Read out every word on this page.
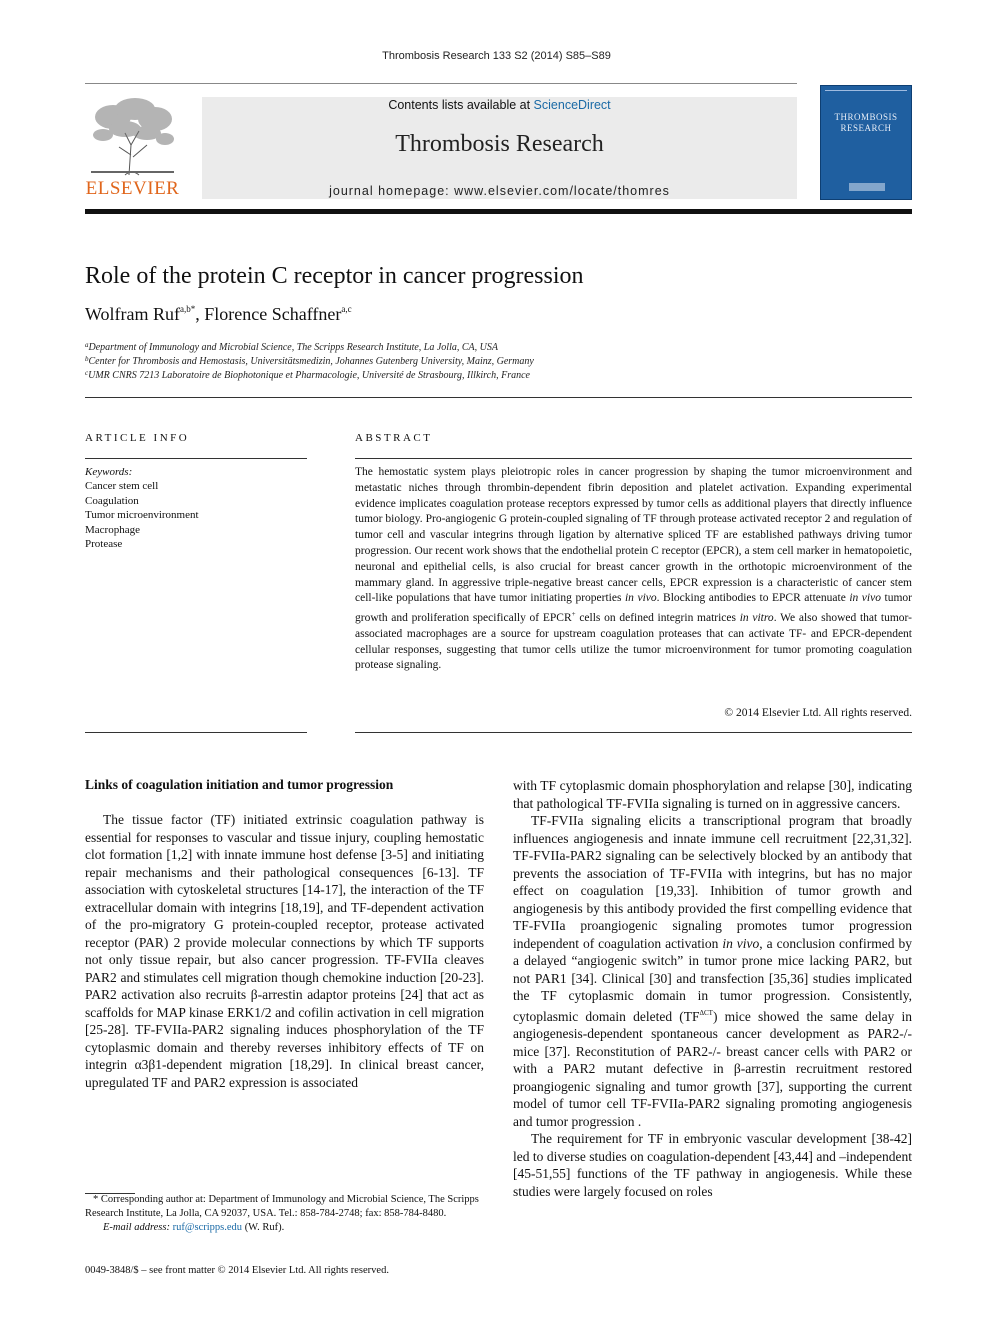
Thrombosis Research 133 S2 (2014) S85–S89
ELSEVIER
Contents lists available at ScienceDirect
Thrombosis Research
journal homepage: www.elsevier.com/locate/thomres
THROMBOSIS
RESEARCH
Role of the protein C receptor in cancer progression
Wolfram Ruf$^{a,b*}$, Florence Schaffner$^{a,c}$
$^a$Department of Immunology and Microbial Science, The Scripps Research Institute, La Jolla, CA, USA
$^b$Center for Thrombosis and Hemostasis, Universitätsmedizin, Johannes Gutenberg University, Mainz, Germany
$^c$UMR CNRS 7213 Laboratoire de Biophotonique et Pharmacologie, Université de Strasbourg, Illkirch, France
ARTICLE INFO
Keywords:
Cancer stem cell
Coagulation
Tumor microenvironment
Macrophage
Protease
ABSTRACT
The hemostatic system plays pleiotropic roles in cancer progression by shaping the tumor microenvironment and metastatic niches through thrombin-dependent fibrin deposition and platelet activation. Expanding experimental evidence implicates coagulation protease receptors expressed by tumor cells as additional players that directly influence tumor biology. Pro-angiogenic G protein-coupled signaling of TF through protease activated receptor 2 and regulation of tumor cell and vascular integrins through ligation by alternative spliced TF are established pathways driving tumor progression. Our recent work shows that the endothelial protein C receptor (EPCR), a stem cell marker in hematopoietic, neuronal and epithelial cells, is also crucial for breast cancer growth in the orthotopic microenvironment of the mammary gland. In aggressive triple-negative breast cancer cells, EPCR expression is a characteristic of cancer stem cell-like populations that have tumor initiating properties in vivo. Blocking antibodies to EPCR attenuate in vivo tumor growth and proliferation specifically of EPCR+ cells on defined integrin matrices in vitro. We also showed that tumor-associated macrophages are a source for upstream coagulation proteases that can activate TF- and EPCR-dependent cellular responses, suggesting that tumor cells utilize the tumor microenvironment for tumor promoting coagulation protease signaling.
© 2014 Elsevier Ltd. All rights reserved.
Links of coagulation initiation and tumor progression

The tissue factor (TF) initiated extrinsic coagulation pathway is essential for responses to vascular and tissue injury, coupling hemostatic clot formation [1,2] with innate immune host defense [3-5] and initiating repair mechanisms and their pathological consequences [6-13]. TF association with cytoskeletal structures [14-17], the interaction of the TF extracellular domain with integrins [18,19], and TF-dependent activation of the pro-migratory G protein-coupled receptor, protease activated receptor (PAR) 2 provide molecular connections by which TF supports not only tissue repair, but also cancer progression. TF-FVIIa cleaves PAR2 and stimulates cell migration though chemokine induction [20-23]. PAR2 activation also recruits β-arrestin adaptor proteins [24] that act as scaffolds for MAP kinase ERK1/2 and cofilin activation in cell migration [25-28]. TF-FVIIa-PAR2 signaling induces phosphorylation of the TF cytoplasmic domain and thereby reverses inhibitory effects of TF on integrin α3β1-dependent migration [18,29]. In clinical breast cancer, upregulated TF and PAR2 expression is associated

with TF cytoplasmic domain phosphorylation and relapse [30], indicating that pathological TF-FVIIa signaling is turned on in aggressive cancers.

TF-FVIIa signaling elicits a transcriptional program that broadly influences angiogenesis and innate immune cell recruitment [22,31,32]. TF-FVIIa-PAR2 signaling can be selectively blocked by an antibody that prevents the association of TF-FVIIa with integrins, but has no major effect on coagulation [19,33]. Inhibition of tumor growth and angiogenesis by this antibody provided the first compelling evidence that TF-FVIIa proangiogenic signaling promotes tumor progression independent of coagulation activation in vivo, a conclusion confirmed by a delayed “angiogenic switch” in tumor prone mice lacking PAR2, but not PAR1 [34]. Clinical [30] and transfection [35,36] studies implicated the TF cytoplasmic domain in tumor progression. Consistently, cytoplasmic domain deleted $(TF^{\Delta CT})$ mice showed the same delay in angiogenesis-dependent spontaneous cancer development as PAR2-/- mice [37]. Reconstitution of PAR2-/- breast cancer cells with PAR2 or with a PAR2 mutant defective in β-arrestin recruitment restored proangiogenic signaling and tumor growth [37], supporting the current model of tumor cell TF-FVIIa-PAR2 signaling promoting angiogenesis and tumor progression .

The requirement for TF in embryonic vascular development [38-42] led to diverse studies on coagulation-dependent [43,44] and –independent [45-51,55] functions of the TF pathway in angiogenesis. While these studies were largely focused on roles

* Corresponding author at: Department of Immunology and Microbial Science, The Scripps Research Institute, La Jolla, CA 92037, USA. Tel.: 858-784-2748; fax: 858-784-8480.
E-mail address: ruf@scripps.edu (W. Ruf).
0049-3848/$ – see front matter © 2014 Elsevier Ltd. All rights reserved.
